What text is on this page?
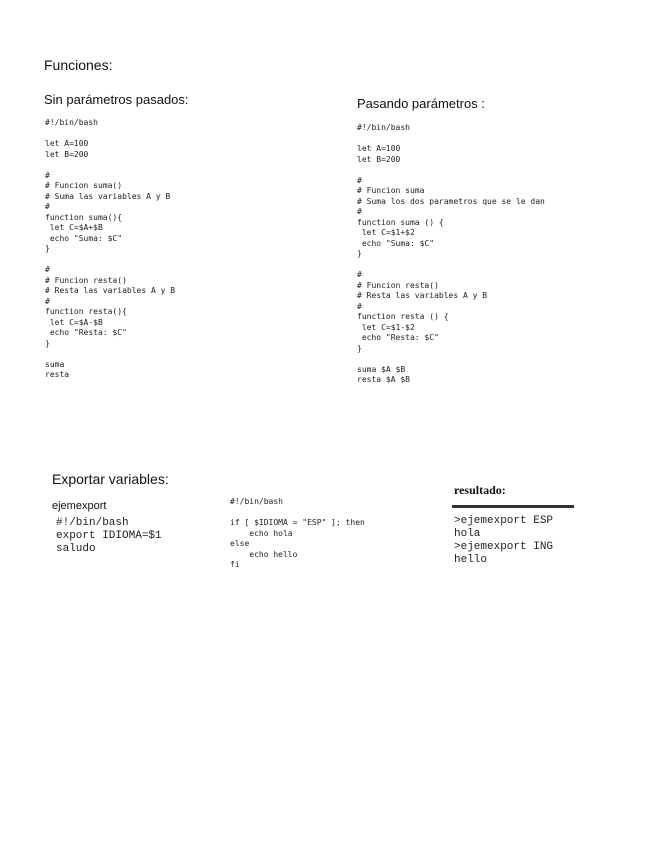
Funciones:
Sin parámetros pasados:
#!/bin/bash

let A=100
let B=200

#
# Funcion suma()
# Suma las variables A y B
#
function suma(){
let C=$A+$B
echo "Suma: $C"
}

#
# Funcion resta()
# Resta las variables A y B
#
function resta(){
let C=$A-$B
echo "Resta: $C"
}

suma
resta
Pasando parámetros :
#!/bin/bash

let A=100
let B=200

#
# Funcion suma
# Suma los dos parametros que se le dan
#
function suma () {
let C=$1+$2
echo "Suma: $C"
}

#
# Funcion resta()
# Resta las variables A y B
#
function resta () {
let C=$1-$2
echo "Resta: $C"
}

suma $A $B
resta $A $B
Exportar variables:
ejemexport
#!/bin/bash
export IDIOMA=$1
saludo
#!/bin/bash

if [ $IDIOMA = "ESP" ]; then
echo hola
else
echo hello
fi
resultado:
>ejemexport ESP
hola
>ejemexport ING
hello
